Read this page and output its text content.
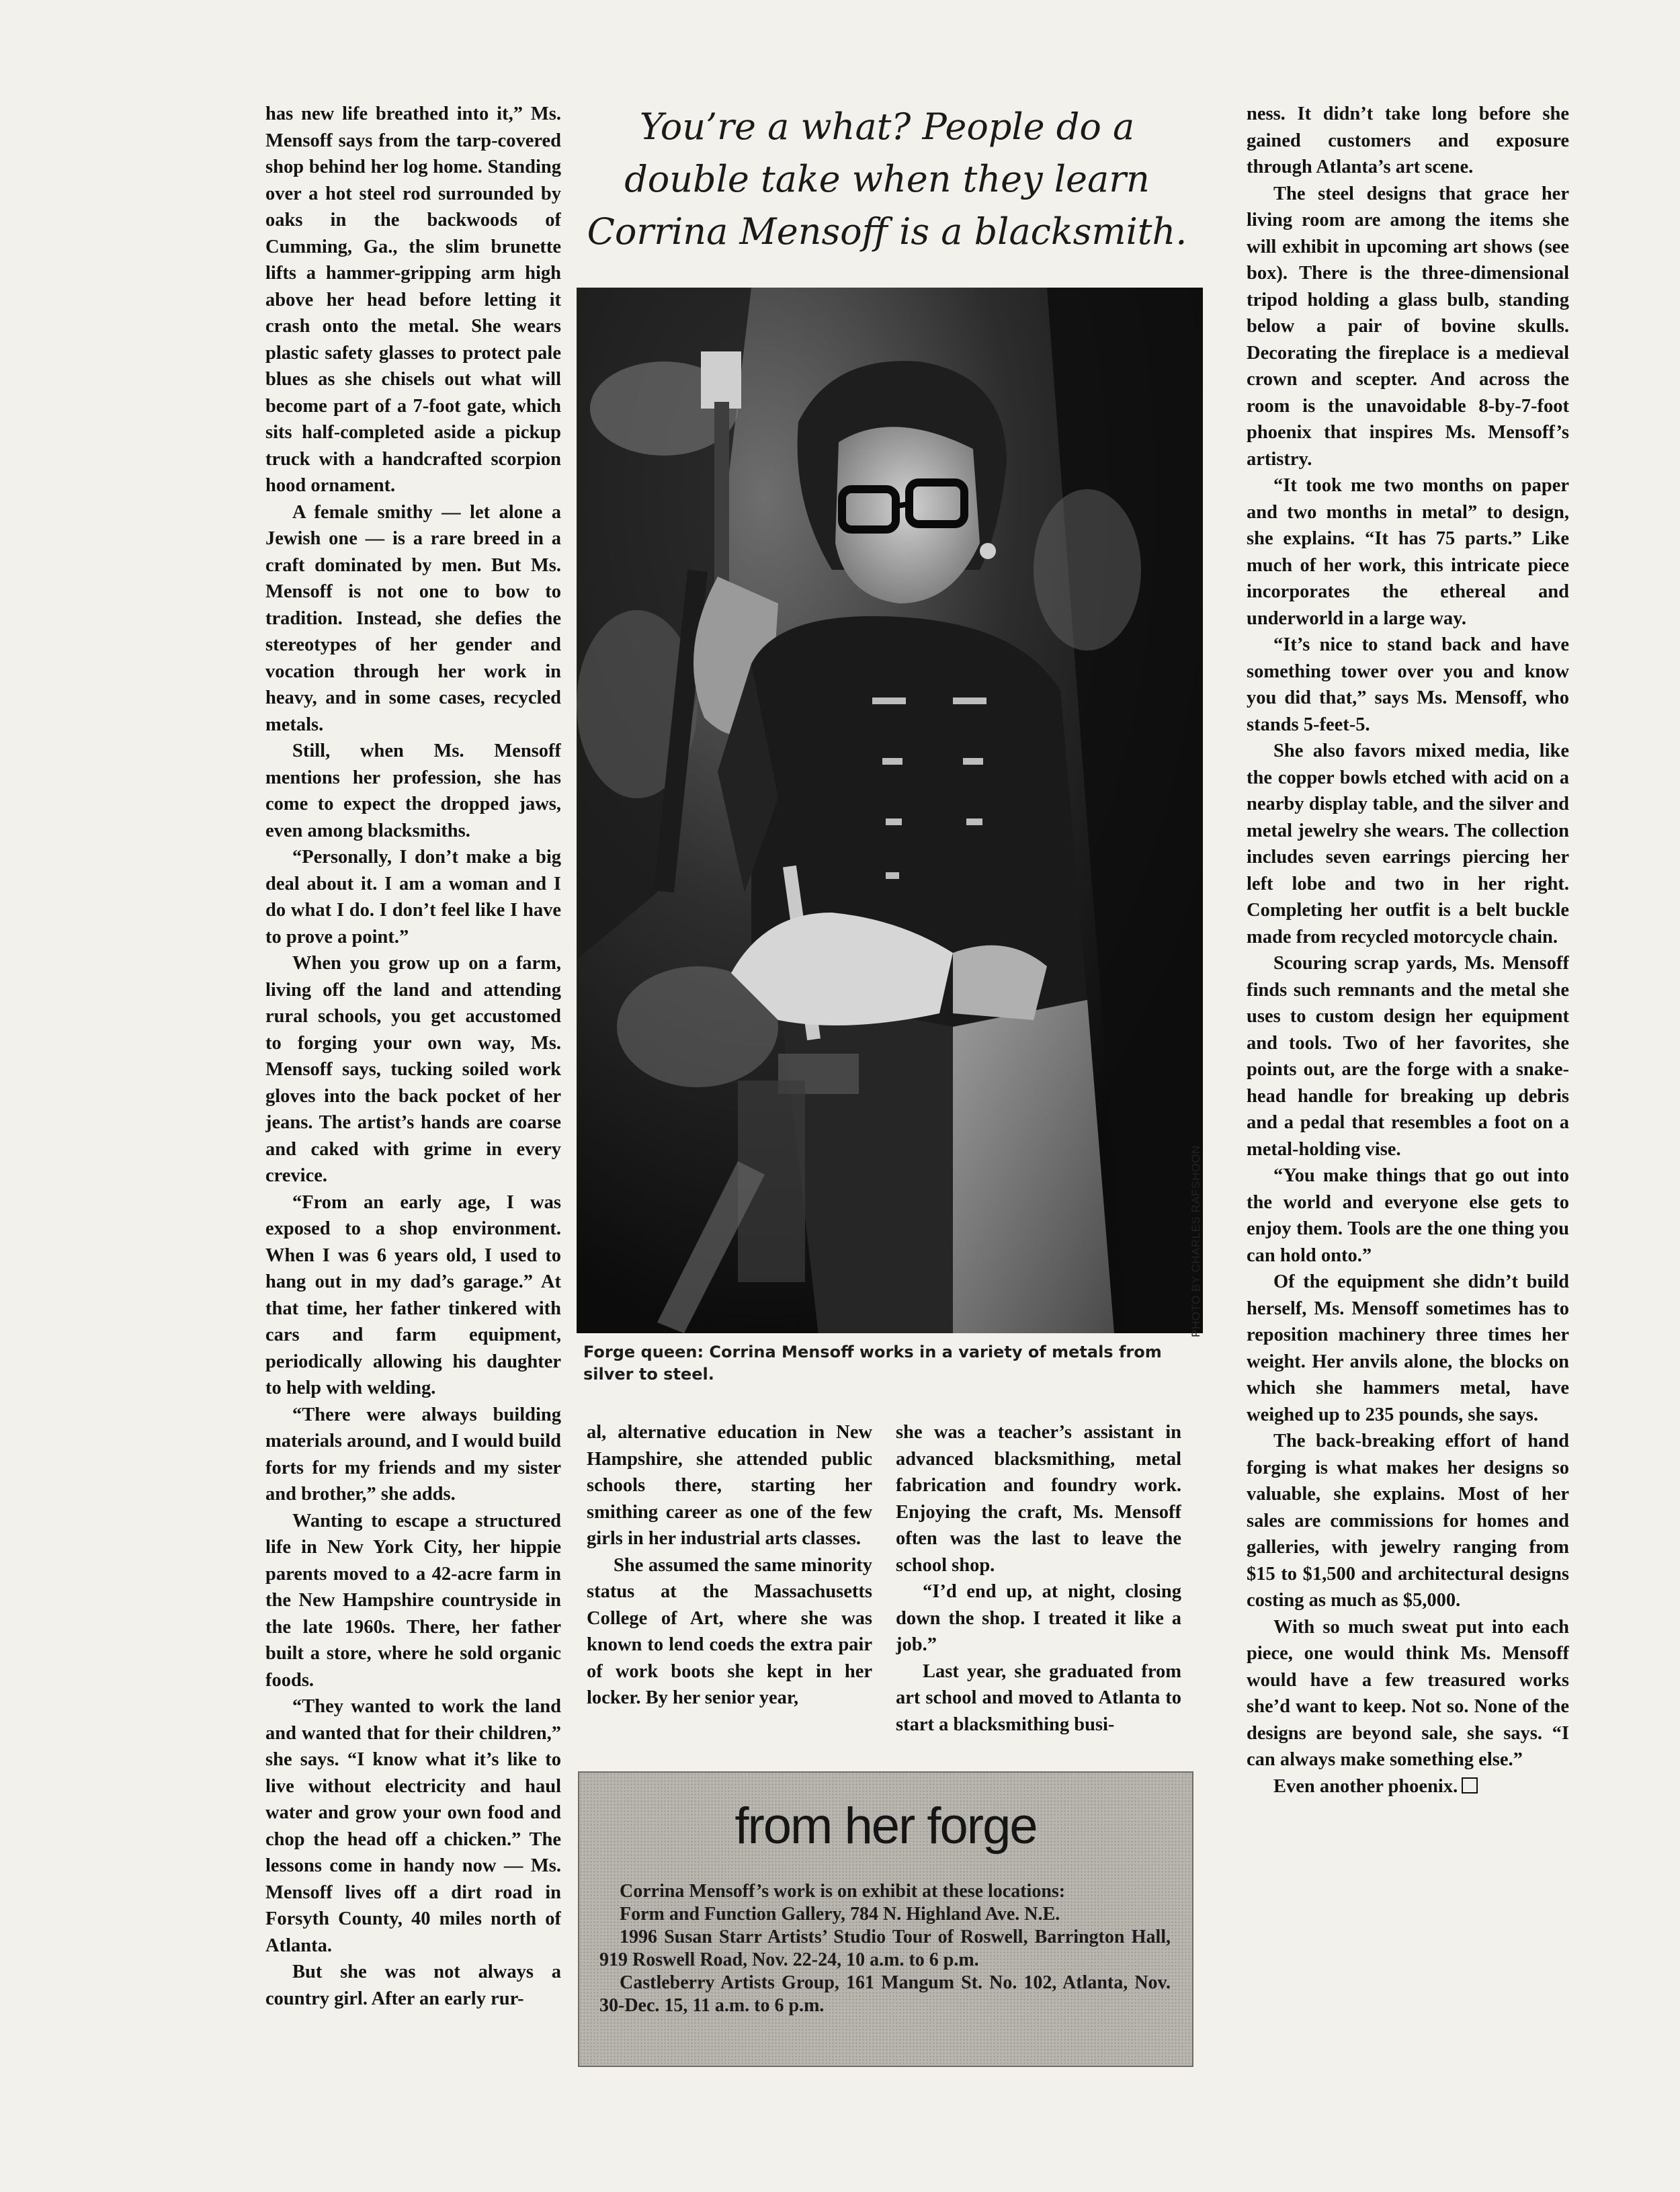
has new life breathed into it,” Ms. Mensoff says from the tarp-covered shop behind her log home. Standing over a hot steel rod surrounded by oaks in the backwoods of Cumming, Ga., the slim brunette lifts a hammer-gripping arm high above her head before letting it crash onto the metal. She wears plastic safety glasses to protect pale blues as she chisels out what will become part of a 7-foot gate, which sits half-completed aside a pickup truck with a handcrafted scorpion hood ornament.

A female smithy — let alone a Jewish one — is a rare breed in a craft dominated by men. But Ms. Mensoff is not one to bow to tradition. Instead, she defies the stereotypes of her gender and vocation through her work in heavy, and in some cases, recycled metals.

Still, when Ms. Mensoff mentions her profession, she has come to expect the dropped jaws, even among blacksmiths.

“Personally, I don’t make a big deal about it. I am a woman and I do what I do. I don’t feel like I have to prove a point.”

When you grow up on a farm, living off the land and attending rural schools, you get accustomed to forging your own way, Ms. Mensoff says, tucking soiled work gloves into the back pocket of her jeans. The artist’s hands are coarse and caked with grime in every crevice.

“From an early age, I was exposed to a shop environment. When I was 6 years old, I used to hang out in my dad’s garage.” At that time, her father tinkered with cars and farm equipment, periodically allowing his daughter to help with welding.

“There were always building materials around, and I would build forts for my friends and my sister and brother,” she adds.

Wanting to escape a structured life in New York City, her hippie parents moved to a 42-acre farm in the New Hampshire countryside in the late 1960s. There, her father built a store, where he sold organic foods.

“They wanted to work the land and wanted that for their children,” she says. “I know what it’s like to live without electricity and haul water and grow your own food and chop the head off a chicken.” The lessons come in handy now — Ms. Mensoff lives off a dirt road in Forsyth County, 40 miles north of Atlanta.

But she was not always a country girl. After an early rur-

You’re a what? People do a
double take when they learn
Corrina Mensoff is a blacksmith.
PHOTO BY CHARLES RAFSHOON
Forge queen: Corrina Mensoff works in a variety of metals from silver to steel.

al, alternative education in New Hampshire, she attended public schools there, starting her smithing career as one of the few girls in her industrial arts classes.

She assumed the same minority status at the Massachusetts College of Art, where she was known to lend coeds the extra pair of work boots she kept in her locker. By her senior year,

she was a teacher’s assistant in advanced blacksmithing, metal fabrication and foundry work. Enjoying the craft, Ms. Mensoff often was the last to leave the school shop.

“I’d end up, at night, closing down the shop. I treated it like a job.”

Last year, she graduated from art school and moved to Atlanta to start a blacksmithing busi-

from her forge

Corrina Mensoff’s work is on exhibit at these locations:

Form and Function Gallery, 784 N. Highland Ave. N.E.

1996 Susan Starr Artists’ Studio Tour of Roswell, Barrington Hall, 919 Roswell Road, Nov. 22-24, 10 a.m. to 6 p.m.

Castleberry Artists Group, 161 Mangum St. No. 102, Atlanta, Nov. 30-Dec. 15, 11 a.m. to 6 p.m.

ness. It didn’t take long before she gained customers and exposure through Atlanta’s art scene.

The steel designs that grace her living room are among the items she will exhibit in upcoming art shows (see box). There is the three-dimensional tripod holding a glass bulb, standing below a pair of bovine skulls. Decorating the fireplace is a medieval crown and scepter. And across the room is the unavoidable 8-by-7-foot phoenix that inspires Ms. Mensoff’s artistry.

“It took me two months on paper and two months in metal” to design, she explains. “It has 75 parts.” Like much of her work, this intricate piece incorporates the ethereal and underworld in a large way.

“It’s nice to stand back and have something tower over you and know you did that,” says Ms. Mensoff, who stands 5-feet-5.

She also favors mixed media, like the copper bowls etched with acid on a nearby display table, and the silver and metal jewelry she wears. The collection includes seven earrings piercing her left lobe and two in her right. Completing her outfit is a belt buckle made from recycled motorcycle chain.

Scouring scrap yards, Ms. Mensoff finds such remnants and the metal she uses to custom design her equipment and tools. Two of her favorites, she points out, are the forge with a snake-head handle for breaking up debris and a pedal that resembles a foot on a metal-holding vise.

“You make things that go out into the world and everyone else gets to enjoy them. Tools are the one thing you can hold onto.”

Of the equipment she didn’t build herself, Ms. Mensoff sometimes has to reposition machinery three times her weight. Her anvils alone, the blocks on which she hammers metal, have weighed up to 235 pounds, she says.

The back-breaking effort of hand forging is what makes her designs so valuable, she explains. Most of her sales are commissions for homes and galleries, with jewelry ranging from $15 to $1,500 and architectural designs costing as much as $5,000.

With so much sweat put into each piece, one would think Ms. Mensoff would have a few treasured works she’d want to keep. Not so. None of the designs are beyond sale, she says. “I can always make something else.”

Even another phoenix.
